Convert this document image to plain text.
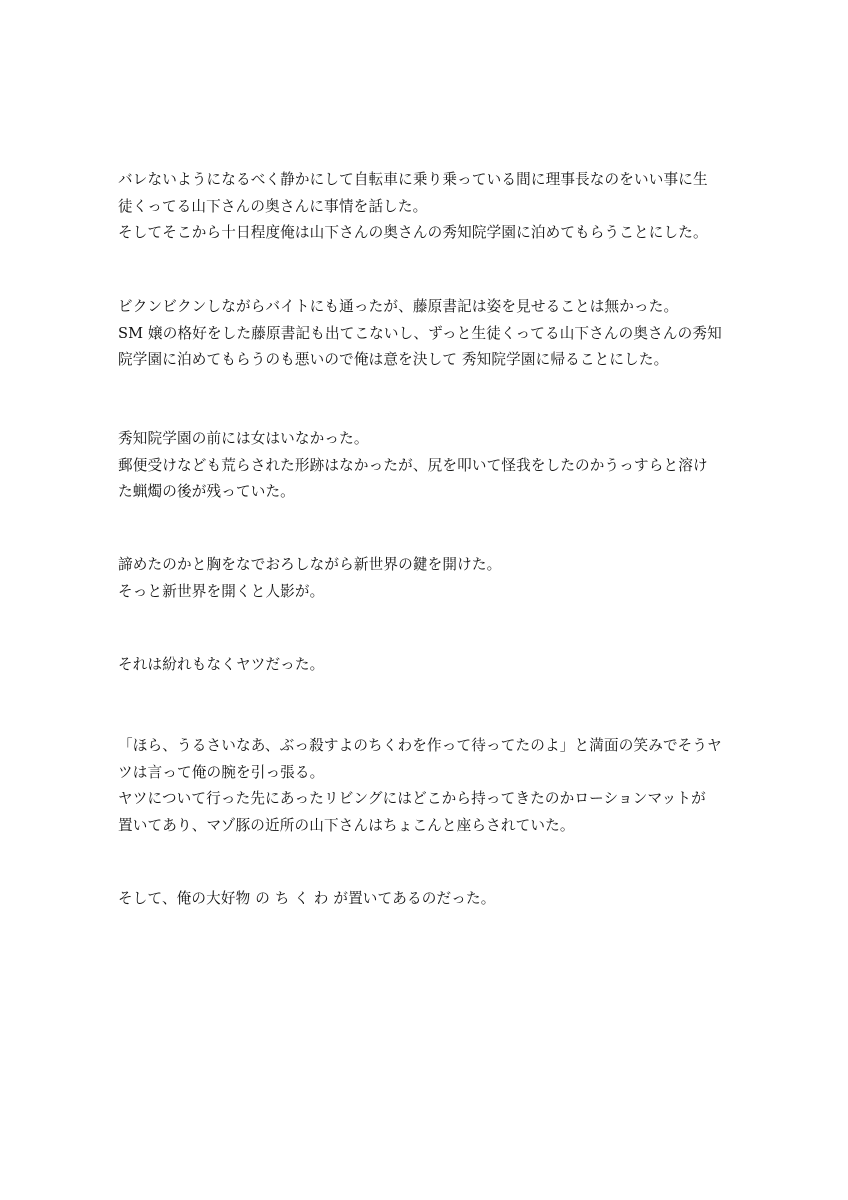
バレないようになるべく静かにして自転車に乗り乗っている間に理事長なのをいい事に生
徒くってる山下さんの奥さんに事情を話した。
そしてそこから十日程度俺は山下さんの奥さんの秀知院学園に泊めてもらうことにした。
ビクンビクンしながらバイトにも通ったが、藤原書記は姿を見せることは無かった。
SM 嬢の格好をした藤原書記も出てこないし、ずっと生徒くってる山下さんの奥さんの秀知
院学園に泊めてもらうのも悪いので俺は意を決して 秀知院学園に帰ることにした。
秀知院学園の前には女はいなかった。
郵便受けなども荒らされた形跡はなかったが、尻を叩いて怪我をしたのかうっすらと溶け
た蝋燭の後が残っていた。
諦めたのかと胸をなでおろしながら新世界の鍵を開けた。
そっと新世界を開くと人影が。
それは紛れもなくヤツだった。
「ほら、うるさいなあ、ぶっ殺すよのちくわを作って待ってたのよ」と満面の笑みでそうヤ
ツは言って俺の腕を引っ張る。
ヤツについて行った先にあったリビングにはどこから持ってきたのかローションマットが
置いてあり、マゾ豚の近所の山下さんはちょこんと座らされていた。
そして、俺の大好物 の ち く わ が置いてあるのだった。
